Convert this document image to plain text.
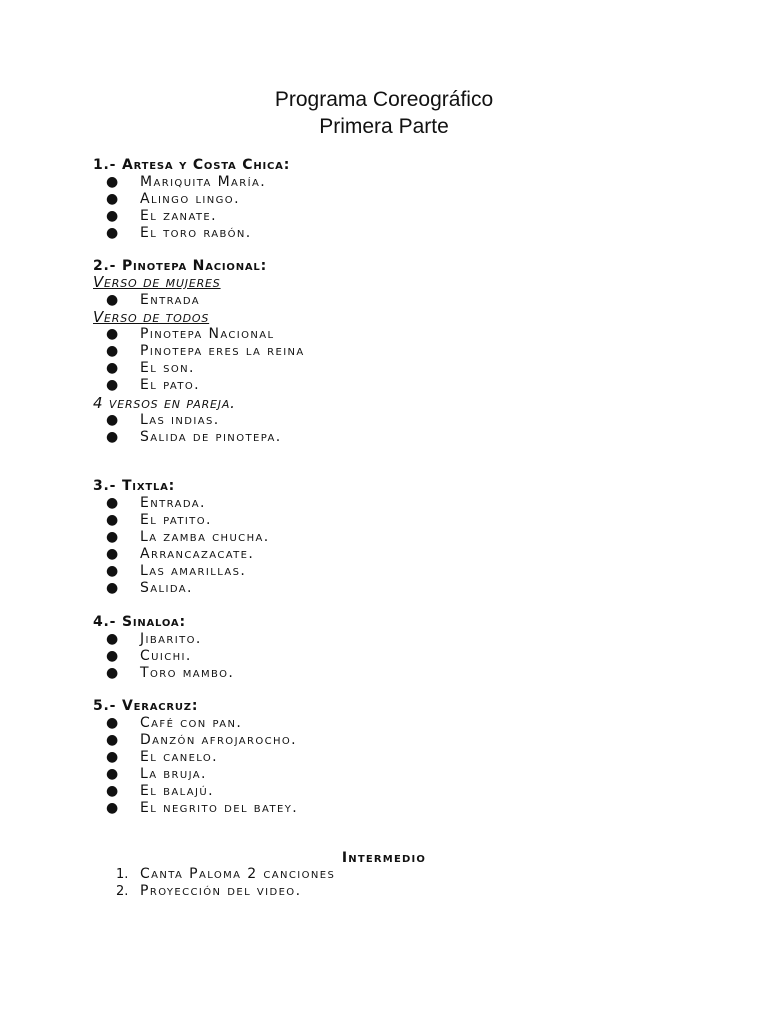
Programa Coreográfico
Primera Parte
1.- Artesa y Costa Chica:
● Mariquita María.
● Alingo lingo.
● El zanate.
● El toro rabón.
2.- Pinotepa Nacional:
Verso de mujeres
● Entrada
Verso de todos
● Pinotepa Nacional
● Pinotepa eres la reina
● El son.
● El pato.
4 versos en pareja.
● Las indias.
● Salida de pinotepa.
3.- Tixtla:
● Entrada.
● El patito.
● La zamba chucha.
● Arrancazacate.
● Las amarillas.
● Salida.
4.- Sinaloa:
● Jibarito.
● Cuichi.
● Toro mambo.
5.- Veracruz:
● Café con pan.
● Danzón afrojarocho.
● El canelo.
● La bruja.
● El balajú.
● El negrito del batey.
Intermedio
1. Canta Paloma 2 canciones
2. Proyección del video.
